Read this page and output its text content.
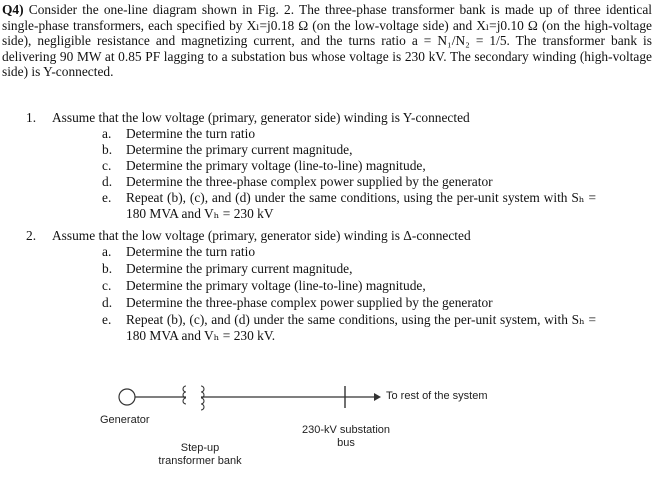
Q4) Consider the one-line diagram shown in Fig. 2. The three-phase transformer bank is made up of three identical single-phase transformers, each specified by Xₗ=j0.18 Ω (on the low-voltage side) and Xₗ=j0.10 Ω (on the high-voltage side), negligible resistance and magnetizing current, and the turns ratio a = N₁/N₂ = 1/5. The transformer bank is delivering 90 MW at 0.85 PF lagging to a substation bus whose voltage is 230 kV. The secondary winding (high-voltage side) is Y-connected.
1. Assume that the low voltage (primary, generator side) winding is Y-connected
a. Determine the turn ratio
b. Determine the primary current magnitude,
c. Determine the primary voltage (line-to-line) magnitude,
d. Determine the three-phase complex power supplied by the generator
e. Repeat (b), (c), and (d) under the same conditions, using the per-unit system with Sₕ = 180 MVA and Vₕ = 230 kV
2. Assume that the low voltage (primary, generator side) winding is Δ-connected
a. Determine the turn ratio
b. Determine the primary current magnitude,
c. Determine the primary voltage (line-to-line) magnitude,
d. Determine the three-phase complex power supplied by the generator
e. Repeat (b), (c), and (d) under the same conditions, using the per-unit system, with Sₕ = 180 MVA and Vₕ = 230 kV.
To rest of the system
Generator
230-kV substation
bus
Step-up
transformer bank
